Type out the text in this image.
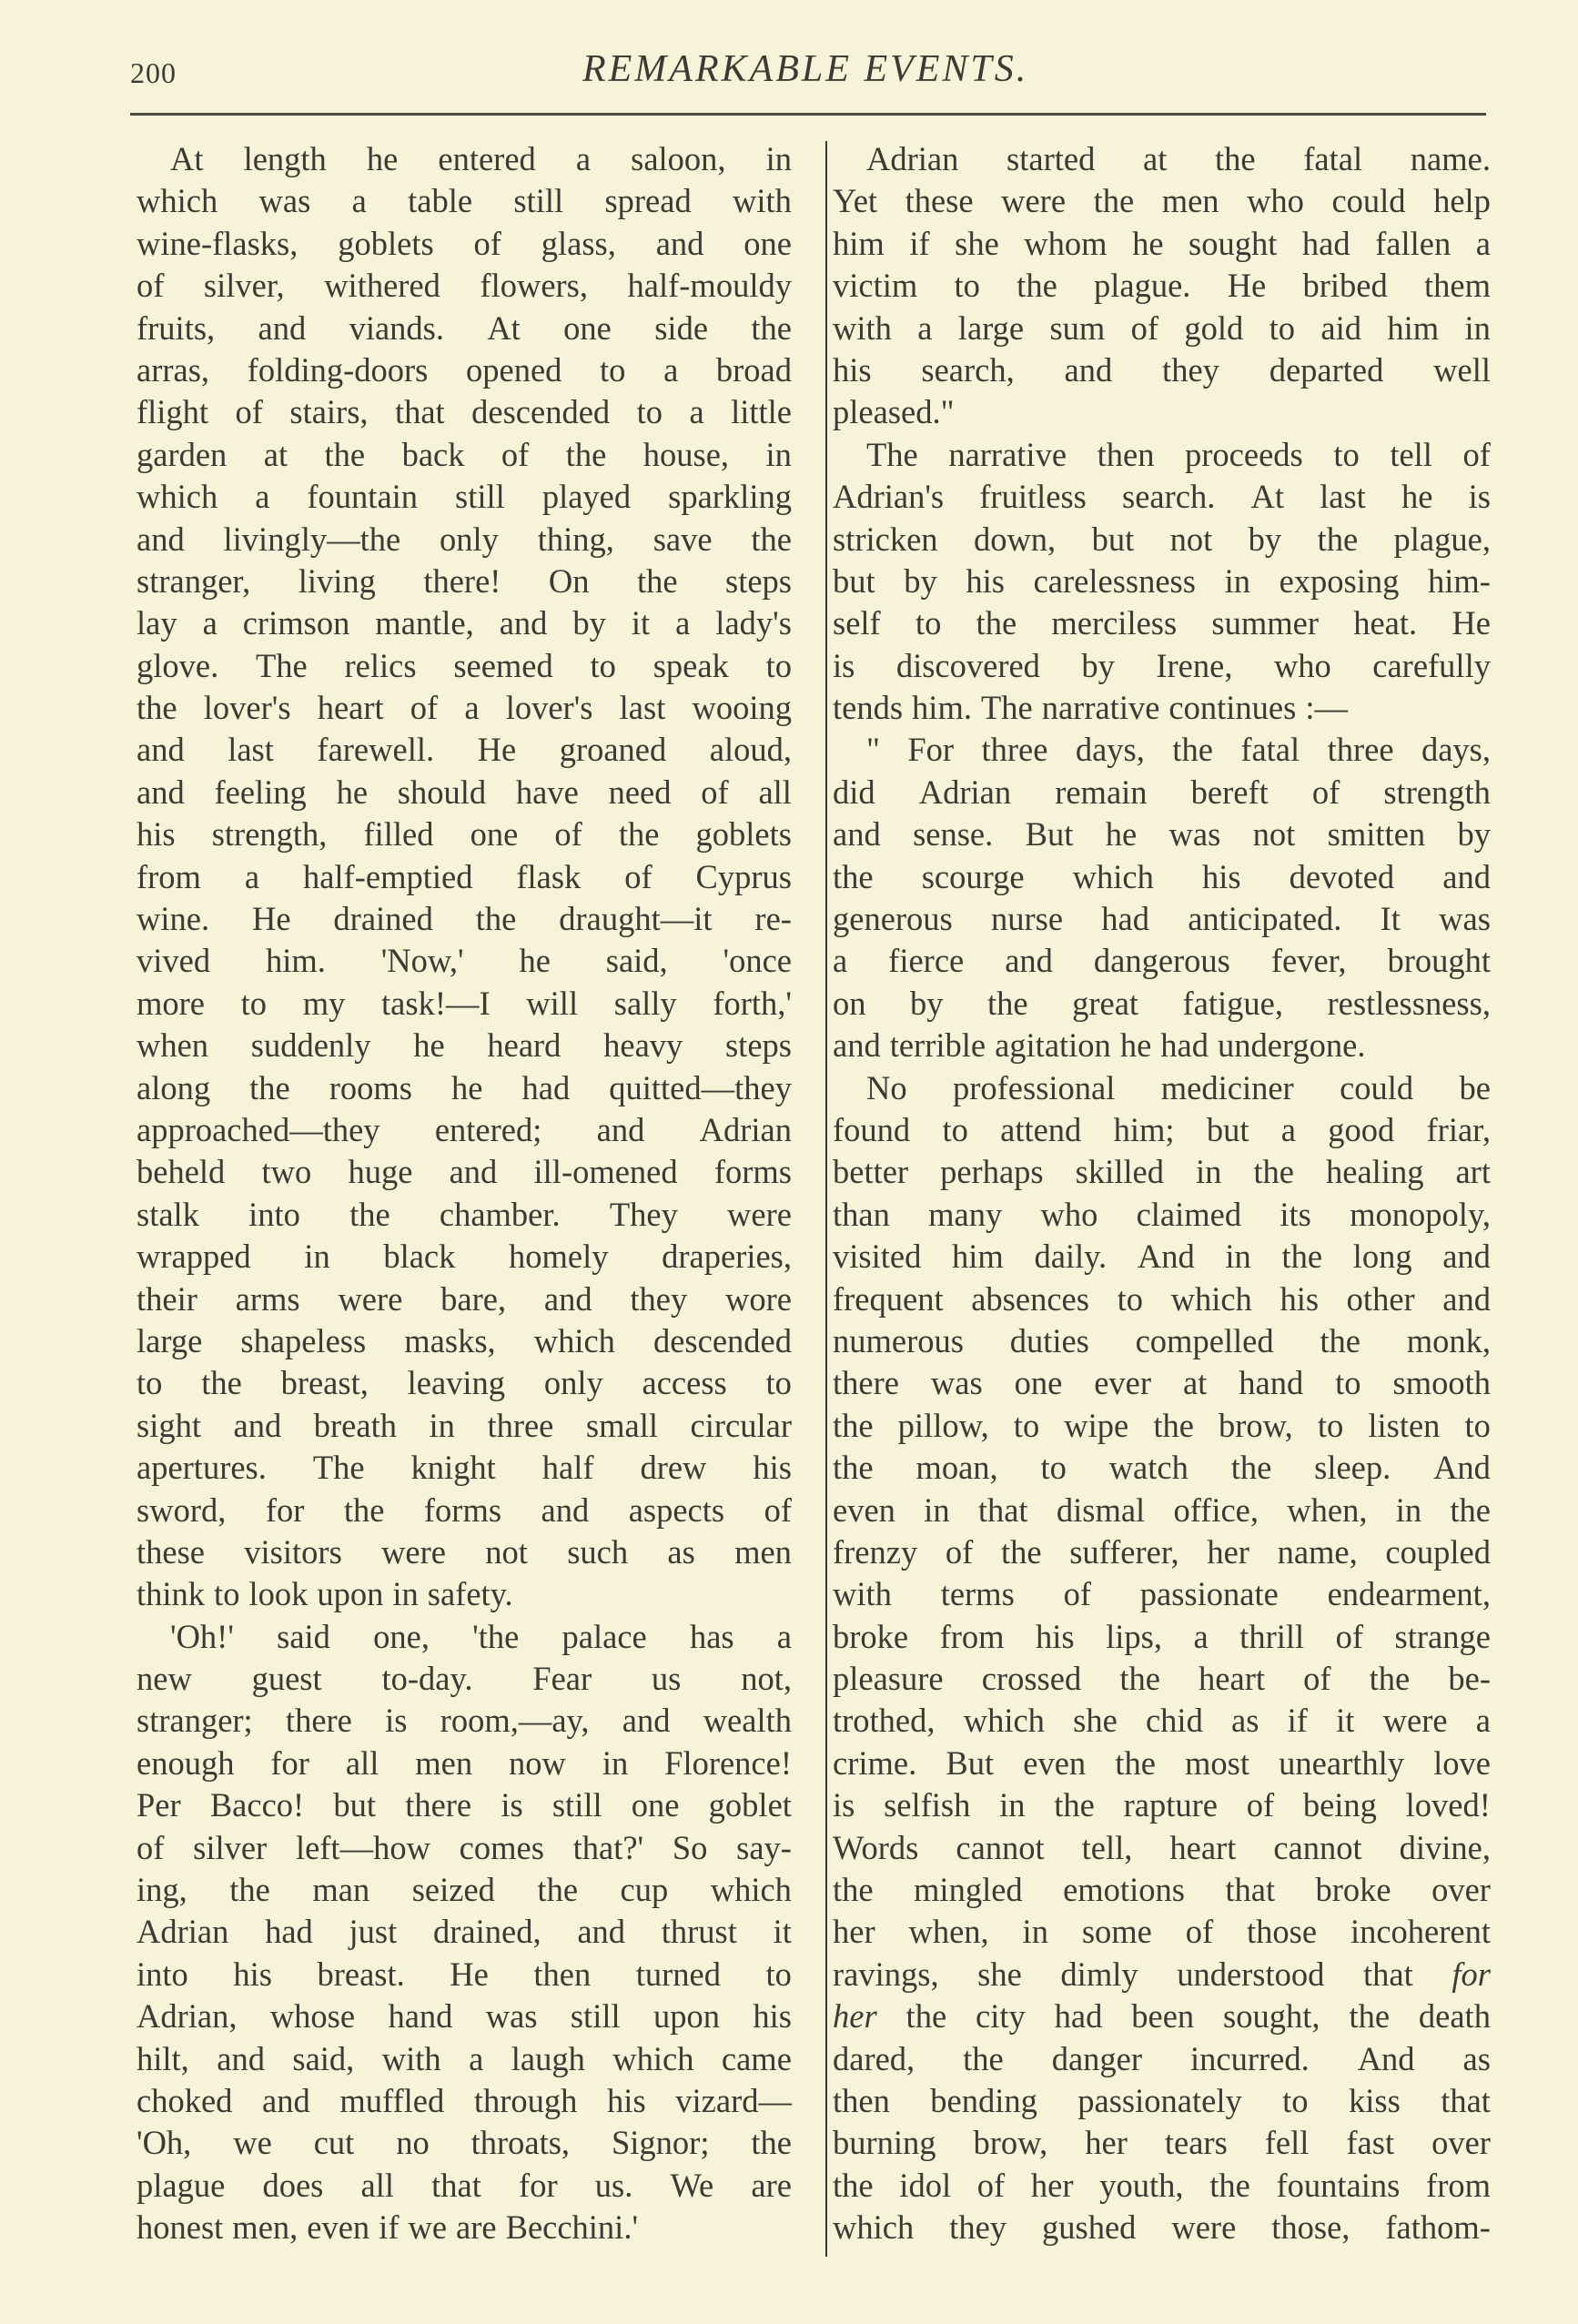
200	REMARKABLE EVENTS.
At length he entered a saloon, in
which was a table still spread with
wine-flasks, goblets of glass, and one
of silver, withered flowers, half-mouldy
fruits, and viands. At one side the
arras, folding-doors opened to a broad
flight of stairs, that descended to a little
garden at the back of the house, in
which a fountain still played sparkling
and livingly—the only thing, save the
stranger, living there! On the steps
lay a crimson mantle, and by it a lady's
glove. The relics seemed to speak to
the lover's heart of a lover's last wooing
and last farewell. He groaned aloud,
and feeling he should have need of all
his strength, filled one of the goblets
from a half-emptied flask of Cyprus
wine. He drained the draught—it re-
vived him. 'Now,' he said, 'once
more to my task!—I will sally forth,'
when suddenly he heard heavy steps
along the rooms he had quitted—they
approached—they entered; and Adrian
beheld two huge and ill-omened forms
stalk into the chamber. They were
wrapped in black homely draperies,
their arms were bare, and they wore
large shapeless masks, which descended
to the breast, leaving only access to
sight and breath in three small circular
apertures. The knight half drew his
sword, for the forms and aspects of
these visitors were not such as men
think to look upon in safety.
'Oh!' said one, 'the palace has a
new guest to-day. Fear us not,
stranger; there is room,—ay, and wealth
enough for all men now in Florence!
Per Bacco! but there is still one goblet
of silver left—how comes that?' So say-
ing, the man seized the cup which
Adrian had just drained, and thrust it
into his breast. He then turned to
Adrian, whose hand was still upon his
hilt, and said, with a laugh which came
choked and muffled through his vizard—
'Oh, we cut no throats, Signor; the
plague does all that for us. We are
honest men, even if we are Becchini.'
Adrian started at the fatal name.
Yet these were the men who could help
him if she whom he sought had fallen a
victim to the plague. He bribed them
with a large sum of gold to aid him in
his search, and they departed well
pleased."
The narrative then proceeds to tell of
Adrian's fruitless search. At last he is
stricken down, but not by the plague,
but by his carelessness in exposing him-
self to the merciless summer heat. He
is discovered by Irene, who carefully
tends him. The narrative continues :—
" For three days, the fatal three days,
did Adrian remain bereft of strength
and sense. But he was not smitten by
the scourge which his devoted and
generous nurse had anticipated. It was
a fierce and dangerous fever, brought
on by the great fatigue, restlessness,
and terrible agitation he had undergone.
No professional mediciner could be
found to attend him; but a good friar,
better perhaps skilled in the healing art
than many who claimed its monopoly,
visited him daily. And in the long and
frequent absences to which his other and
numerous duties compelled the monk,
there was one ever at hand to smooth
the pillow, to wipe the brow, to listen to
the moan, to watch the sleep. And
even in that dismal office, when, in the
frenzy of the sufferer, her name, coupled
with terms of passionate endearment,
broke from his lips, a thrill of strange
pleasure crossed the heart of the be-
trothed, which she chid as if it were a
crime. But even the most unearthly love
is selfish in the rapture of being loved!
Words cannot tell, heart cannot divine,
the mingled emotions that broke over
her when, in some of those incoherent
ravings, she dimly understood that for
her the city had been sought, the death
dared, the danger incurred. And as
then bending passionately to kiss that
burning brow, her tears fell fast over
the idol of her youth, the fountains from
which they gushed were those, fathom-
